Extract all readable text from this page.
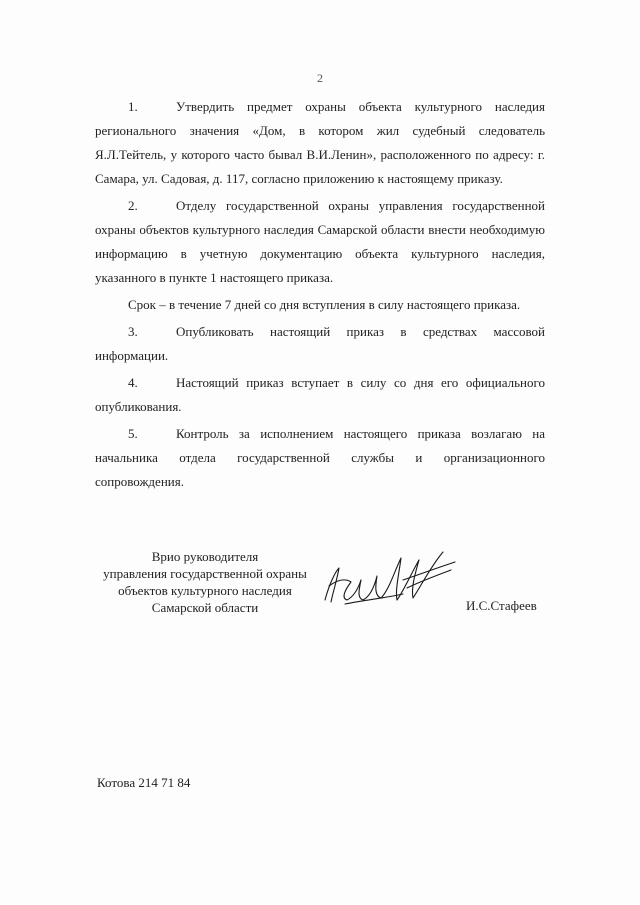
2

1.	Утвердить предмет охраны объекта культурного наследия регионального значения «Дом, в котором жил судебный следователь Я.Л.Тейтель, у которого часто бывал В.И.Ленин», расположенного по адресу: г. Самара, ул. Садовая, д. 117, согласно приложению к настоящему приказу.

2.	Отделу государственной охраны управления государственной охраны объектов культурного наследия Самарской области внести необходимую информацию в учетную документацию объекта культурного наследия, указанного в пункте 1 настоящего приказа.

Срок – в течение 7 дней со дня вступления в силу настоящего приказа.

3.	Опубликовать настоящий приказ в средствах массовой информации.

4.	Настоящий приказ вступает в силу со дня его официального опубликования.

5.	Контроль за исполнением настоящего приказа возлагаю на начальника отдела государственной службы и организационного сопровождения.

Врио руководителя
управления государственной охраны
объектов культурного наследия
Самарской области	И.С.Стафеев
Котова 214 71 84
